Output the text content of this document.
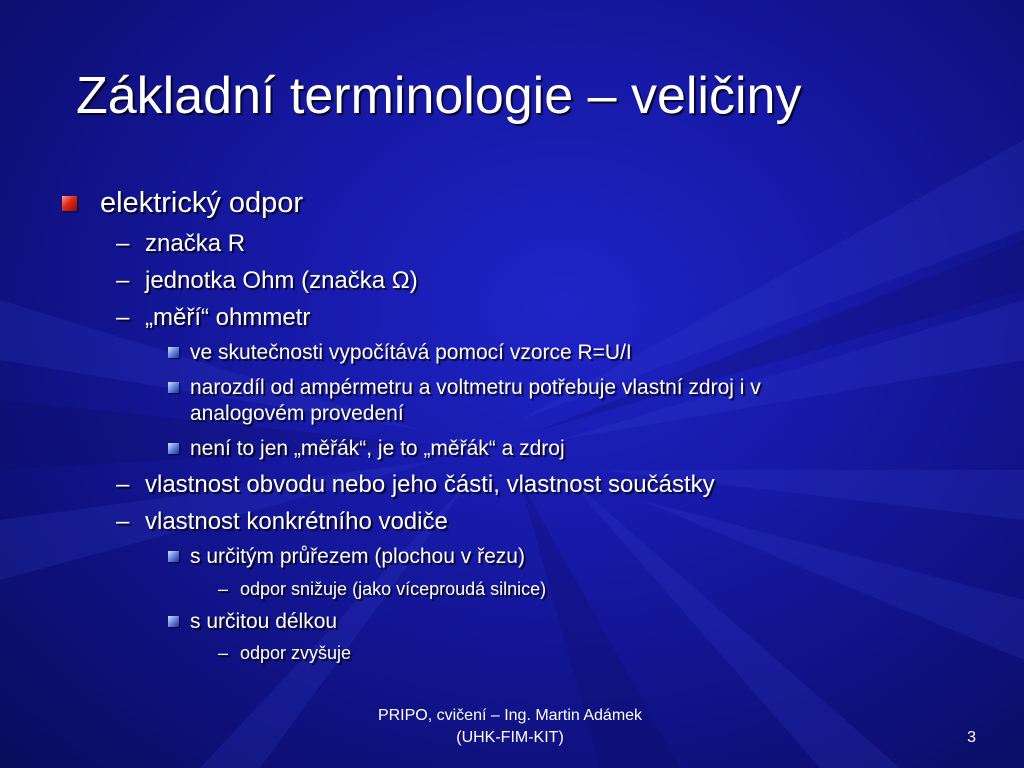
Základní terminologie – veličiny
elektrický odpor
– značka R
– jednotka Ohm (značka Ω)
– „měří“ ohmmetr
ve skutečnosti vypočítává pomocí vzorce R=U/I
narozdíl od ampérmetru a voltmetru potřebuje vlastní zdroj i v
analogovém provedení
není to jen „měřák“, je to „měřák“ a zdroj
– vlastnost obvodu nebo jeho části, vlastnost součástky
– vlastnost konkrétního vodiče
s určitým průřezem (plochou v řezu)
– odpor snižuje (jako víceproudá silnice)
s určitou délkou
– odpor zvyšuje
PRIPO, cvičení – Ing. Martin Adámek
(UHK-FIM-KIT)	3
